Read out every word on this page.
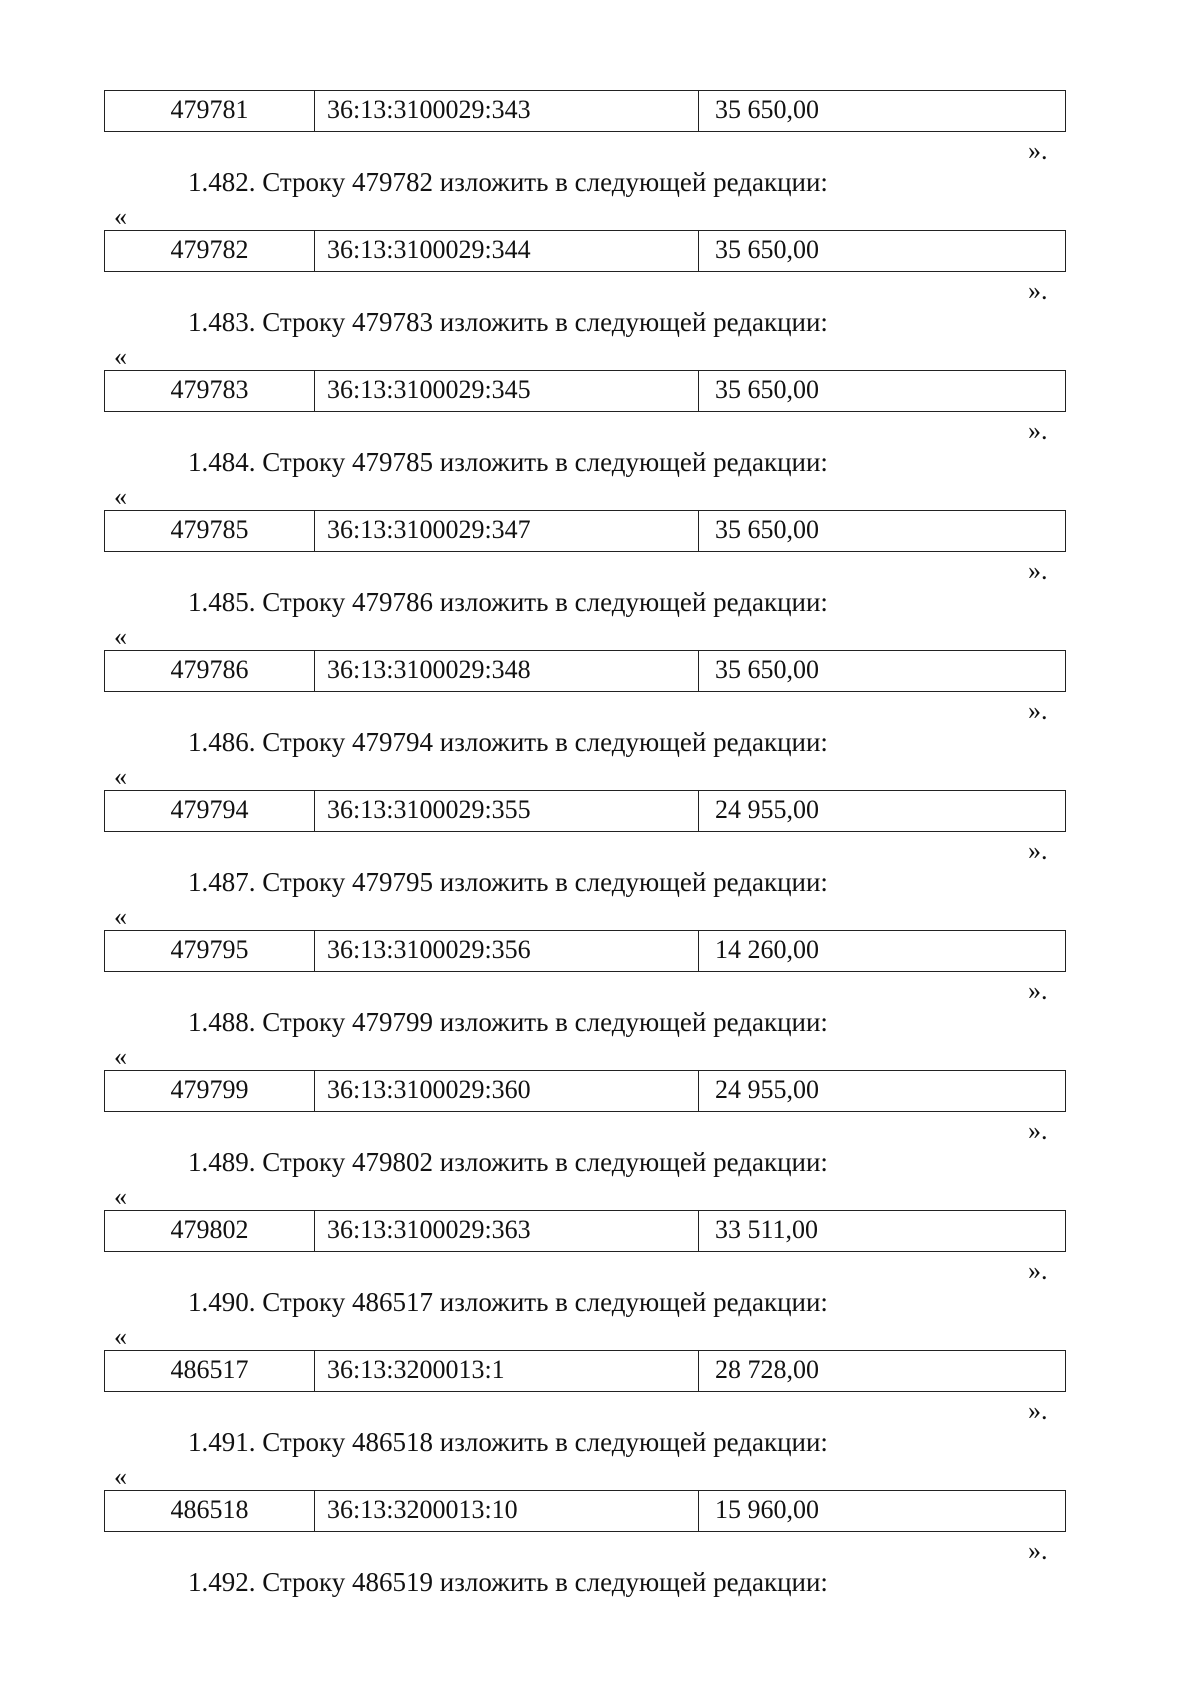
479781	36:13:3100029:343	35 650,00
».
1.482. Строку 479782 изложить в следующей редакции:
«
479782	36:13:3100029:344	35 650,00
».
1.483. Строку 479783 изложить в следующей редакции:
«
479783	36:13:3100029:345	35 650,00
».
1.484. Строку 479785 изложить в следующей редакции:
«
479785	36:13:3100029:347	35 650,00
».
1.485. Строку 479786 изложить в следующей редакции:
«
479786	36:13:3100029:348	35 650,00
».
1.486. Строку 479794 изложить в следующей редакции:
«
479794	36:13:3100029:355	24 955,00
».
1.487. Строку 479795 изложить в следующей редакции:
«
479795	36:13:3100029:356	14 260,00
».
1.488. Строку 479799 изложить в следующей редакции:
«
479799	36:13:3100029:360	24 955,00
».
1.489. Строку 479802 изложить в следующей редакции:
«
479802	36:13:3100029:363	33 511,00
».
1.490. Строку 486517 изложить в следующей редакции:
«
486517	36:13:3200013:1	28 728,00
».
1.491. Строку 486518 изложить в следующей редакции:
«
486518	36:13:3200013:10	15 960,00
».
1.492. Строку 486519 изложить в следующей редакции:
